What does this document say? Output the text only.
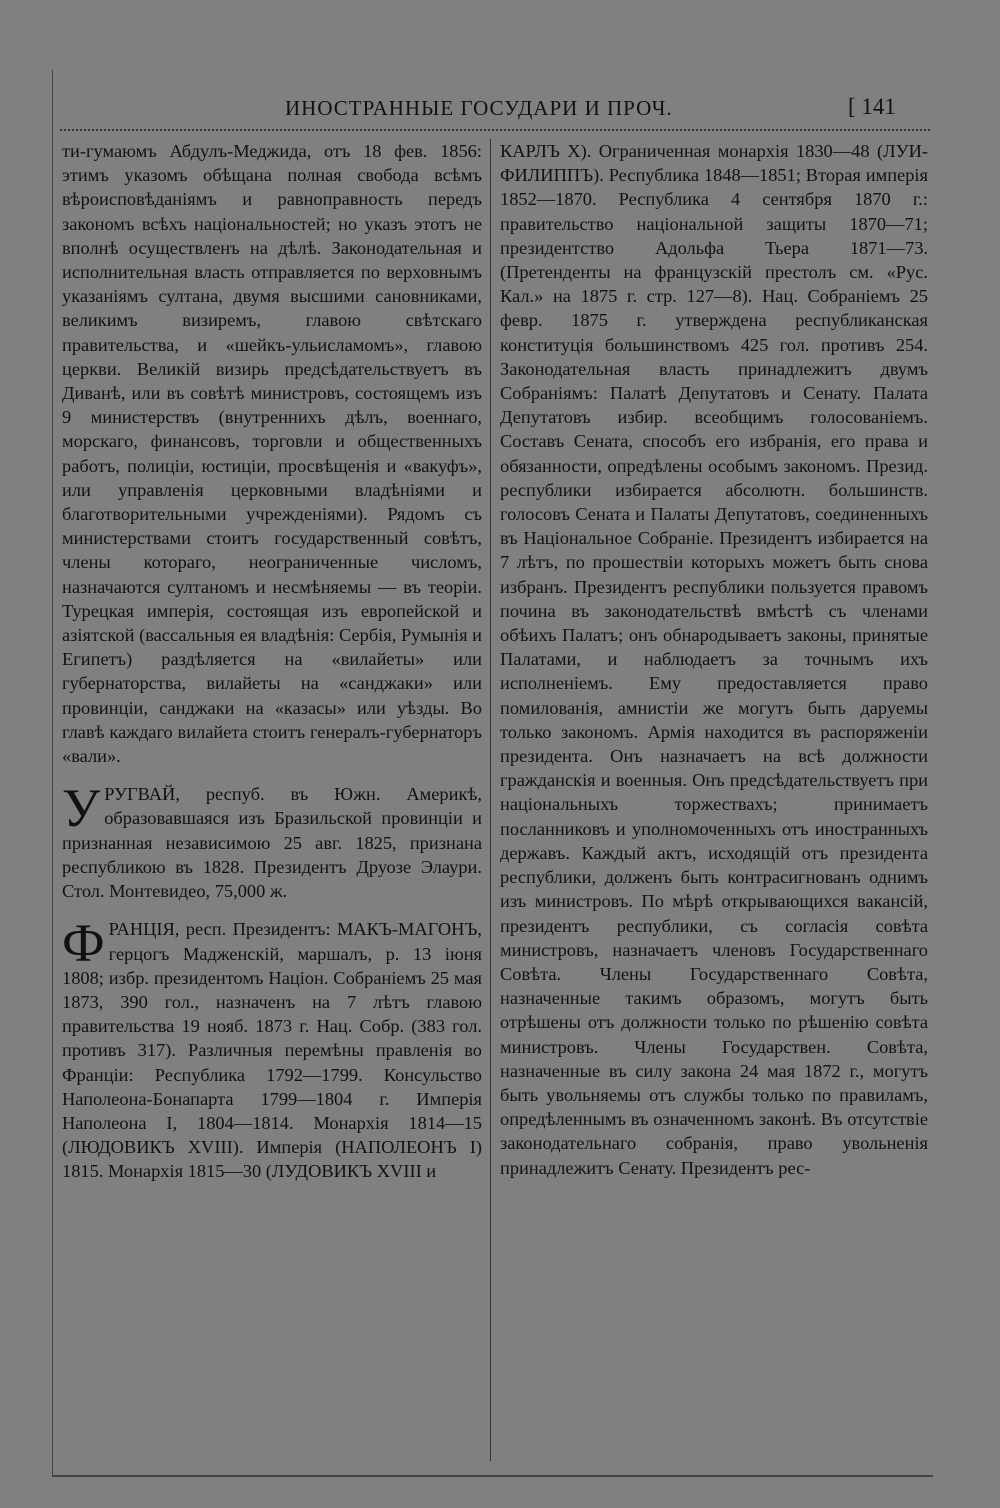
ИНОСТРАННЫЕ ГОСУДАРИ И ПРОЧ.	[ 141

ти-гумаюмъ Абдулъ-Меджида, отъ 18 фев. 1856: этимъ указомъ обѣщана полная свобода всѣмъ вѣроисповѣданіямъ и равноправность передъ закономъ всѣхъ національностей; но указъ этотъ не вполнѣ осуществленъ на дѣлѣ. Законодательная и исполнительная власть отправляется по верховнымъ указаніямъ султана, двумя высшими сановниками, великимъ визиремъ, главою свѣтскаго правительства, и «шейкъ-ульисламомъ», главою церкви. Великій визирь предсѣдательствуетъ въ Диванѣ, или въ совѣтѣ министровъ, состоящемъ изъ 9 министерствъ (внутреннихъ дѣлъ, военнаго, морскаго, финансовъ, торговли и общественныхъ работъ, полиціи, юстиціи, просвѣщенія и «вакуфъ», или управленія церковными владѣніями и благотворительными учрежденіями). Рядомъ съ министерствами стоитъ государственный совѣтъ, члены котораго, неограниченные числомъ, назначаются султаномъ и несмѣняемы — въ теоріи. Турецкая имперія, состоящая изъ европейской и азіятской (вассальныя ея владѣнія: Сербія, Румынія и Египетъ) раздѣляется на «вилайеты» или губернаторства, вилайеты на «санджаки» или провинціи, санджаки на «казасы» или уѣзды. Во главѣ каждаго вилайета стоитъ генералъ-губернаторъ «вали».

УРУГВАЙ, респуб. въ Южн. Америкѣ, образовавшаяся изъ Бразильской провинціи и признанная независимою 25 авг. 1825, признана республикою въ 1828. Президентъ Друозе Элаури. Стол. Монтевидео, 75,000 ж.

ФРАНЦІЯ, респ. Президентъ: МАКЪ-МАГОНЪ, герцогъ Мадженскій, маршалъ, р. 13 іюня 1808; избр. президентомъ Націон. Собраніемъ 25 мая 1873, 390 гол., назначенъ на 7 лѣтъ главою правительства 19 нояб. 1873 г. Нац. Собр. (383 гол. противъ 317). Различныя перемѣны правленія во Франціи: Республика 1792—1799. Консульство Наполеона-Бонапарта 1799—1804 г. Имперія Наполеона I, 1804—1814. Монархія 1814—15 (ЛЮДОВИКЪ XVIII). Имперія (НАПОЛЕОНЪ I) 1815. Монархія 1815—30 (ЛУДОВИКЪ XVIII и

КАРЛЪ X). Ограниченная монархія 1830—48 (ЛУИ-ФИЛИППЪ). Республика 1848—1851; Вторая имперія 1852—1870. Республика 4 сентября 1870 г.: правительство національной защиты 1870—71; президентство Адольфа Тьера 1871—73. (Претенденты на французскій престолъ см. «Рус. Кал.» на 1875 г. стр. 127—8). Нац. Собраніемъ 25 февр. 1875 г. утверждена республиканская конституція большинствомъ 425 гол. противъ 254. Законодательная власть принадлежитъ двумъ Собраніямъ: Палатѣ Депутатовъ и Сенату. Палата Депутатовъ избир. всеобщимъ голосованіемъ. Составъ Сената, способъ его избранія, его права и обязанности, опредѣлены особымъ закономъ. Презид. республики избирается абсолютн. большинств. голосовъ Сената и Палаты Депутатовъ, соединенныхъ въ Національное Собраніе. Президентъ избирается на 7 лѣтъ, по прошествіи которыхъ можетъ быть снова избранъ. Президентъ республики пользуется правомъ почина въ законодательствѣ вмѣстѣ съ членами обѣихъ Палатъ; онъ обнародываетъ законы, принятые Палатами, и наблюдаетъ за точнымъ ихъ исполненіемъ. Ему предоставляется право помилованія, амнистіи же могутъ быть даруемы только закономъ. Армія находится въ распоряженіи президента. Онъ назначаетъ на всѣ должности гражданскія и военныя. Онъ предсѣдательствуетъ при національныхъ торжествахъ; принимаетъ посланниковъ и уполномоченныхъ отъ иностранныхъ державъ. Каждый актъ, исходящій отъ президента республики, долженъ быть контрасигнованъ однимъ изъ министровъ. По мѣрѣ открывающихся вакансій, президентъ республики, съ согласія совѣта министровъ, назначаетъ членовъ Государственнаго Совѣта. Члены Государственнаго Совѣта, назначенные такимъ образомъ, могутъ быть отрѣшены отъ должности только по рѣшенію совѣта министровъ. Члены Государствен. Совѣта, назначенные въ силу закона 24 мая 1872 г., могутъ быть увольняемы отъ службы только по правиламъ, опредѣленнымъ въ означенномъ законѣ. Въ отсутствіе законодательнаго собранія, право увольненія принадлежитъ Сенату. Президентъ рес-
